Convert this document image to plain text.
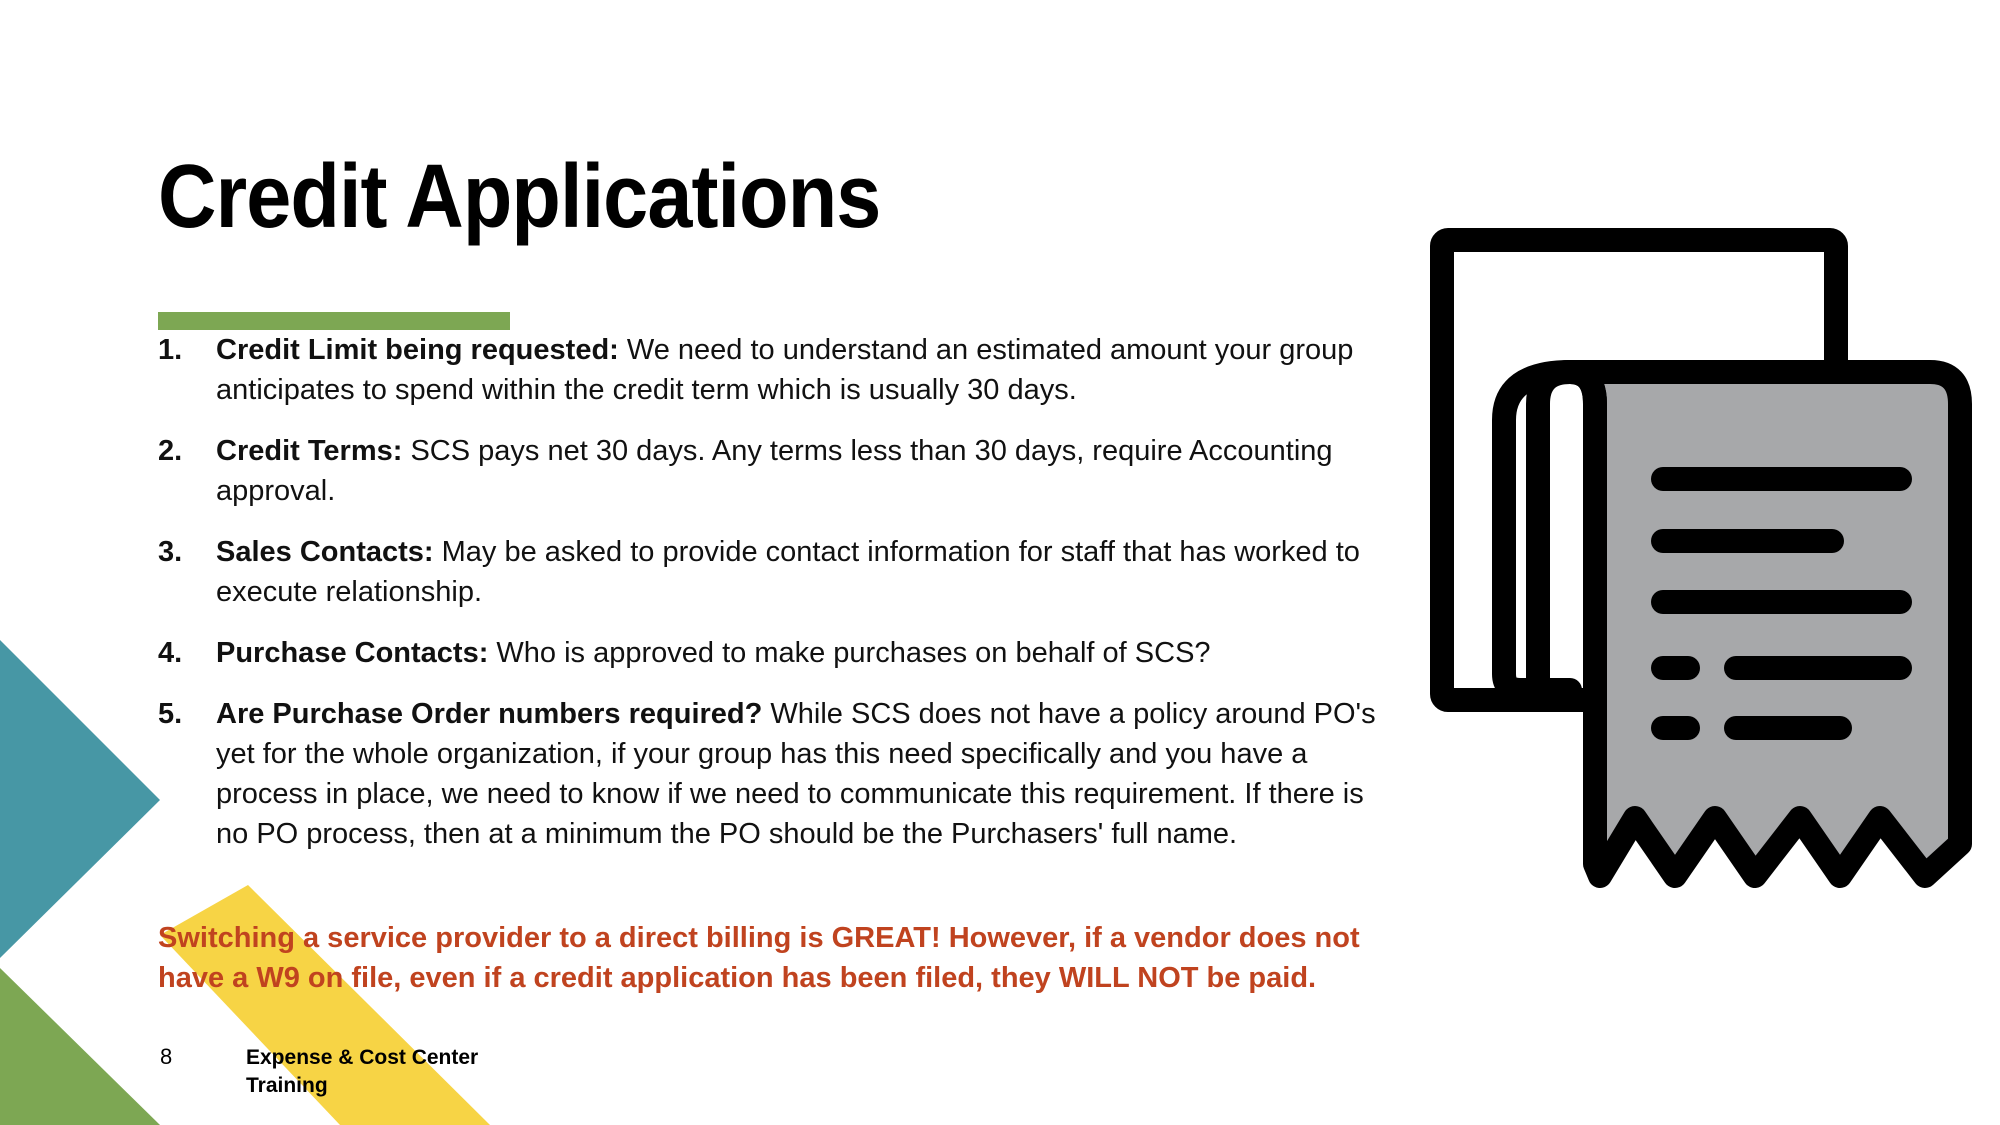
Credit Applications
1.	Credit Limit being requested: We need to understand an estimated amount your group anticipates to spend within the credit term which is usually 30 days.
2.	Credit Terms: SCS pays net 30 days. Any terms less than 30 days, require Accounting approval.
3.	Sales Contacts: May be asked to provide contact information for staff that has worked to execute relationship.
4.	Purchase Contacts: Who is approved to make purchases on behalf of SCS?
5.	Are Purchase Order numbers required? While SCS does not have a policy around PO's yet for the whole organization, if your group has this need specifically and you have a process in place, we need to know if we need to communicate this requirement. If there is no PO process, then at a minimum the PO should be the Purchasers' full name.
Switching a service provider to a direct billing is GREAT! However, if a vendor does not have a W9 on file, even if a credit application has been filed, they WILL NOT be paid.
8	Expense & Cost Center Training
